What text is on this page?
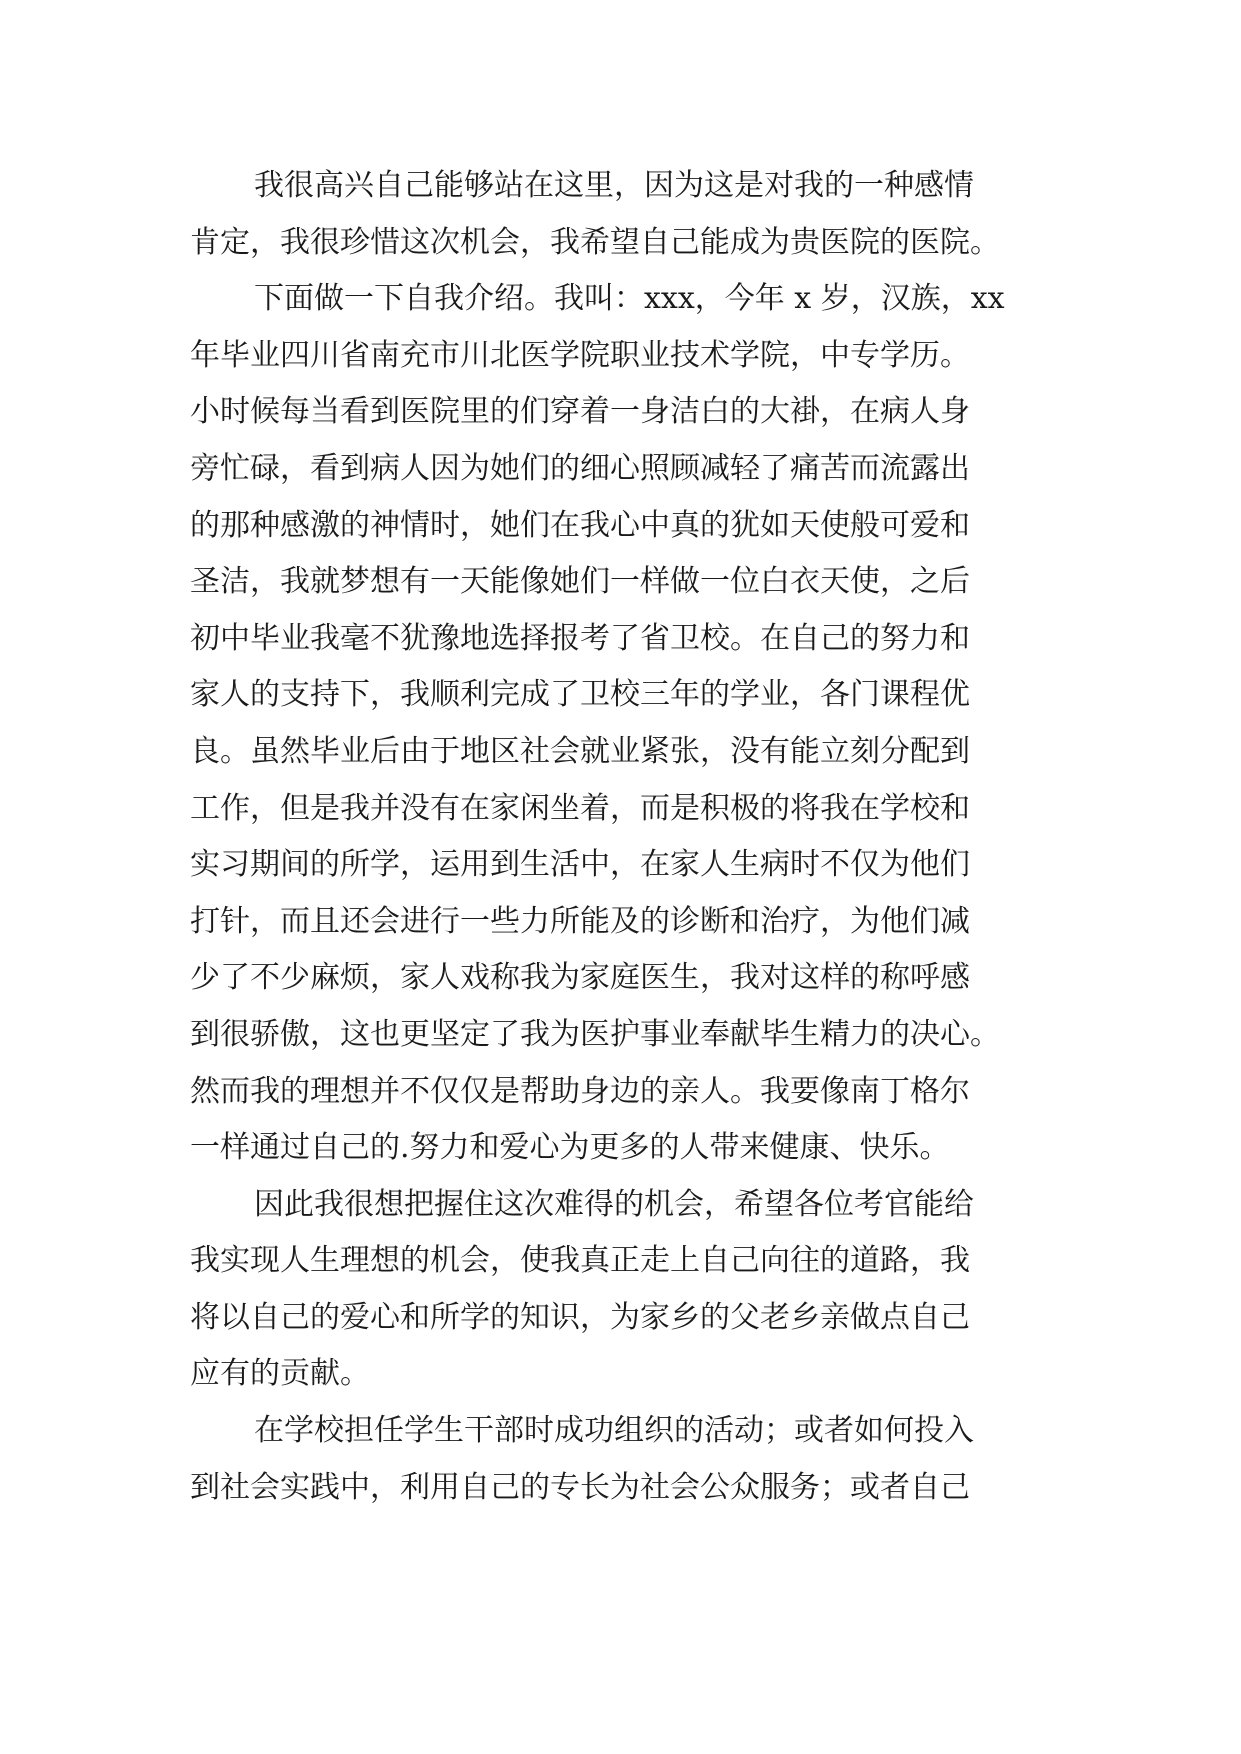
我很高兴自己能够站在这里，因为这是对我的一种感情
肯定，我很珍惜这次机会，我希望自己能成为贵医院的医院。
下面做一下自我介绍。我叫：xxx，今年 x 岁，汉族，xx
年毕业四川省南充市川北医学院职业技术学院，中专学历。
小时候每当看到医院里的们穿着一身洁白的大褂，在病人身
旁忙碌，看到病人因为她们的细心照顾减轻了痛苦而流露出
的那种感激的神情时，她们在我心中真的犹如天使般可爱和
圣洁，我就梦想有一天能像她们一样做一位白衣天使，之后
初中毕业我毫不犹豫地选择报考了省卫校。在自己的努力和
家人的支持下，我顺利完成了卫校三年的学业，各门课程优
良。虽然毕业后由于地区社会就业紧张，没有能立刻分配到
工作，但是我并没有在家闲坐着，而是积极的将我在学校和
实习期间的所学，运用到生活中，在家人生病时不仅为他们
打针，而且还会进行一些力所能及的诊断和治疗，为他们减
少了不少麻烦，家人戏称我为家庭医生，我对这样的称呼感
到很骄傲，这也更坚定了我为医护事业奉献毕生精力的决心。
然而我的理想并不仅仅是帮助身边的亲人。我要像南丁格尔
一样通过自己的.努力和爱心为更多的人带来健康、快乐。
因此我很想把握住这次难得的机会，希望各位考官能给
我实现人生理想的机会，使我真正走上自己向往的道路，我
将以自己的爱心和所学的知识，为家乡的父老乡亲做点自己
应有的贡献。
在学校担任学生干部时成功组织的活动；或者如何投入
到社会实践中，利用自己的专长为社会公众服务；或者自己
